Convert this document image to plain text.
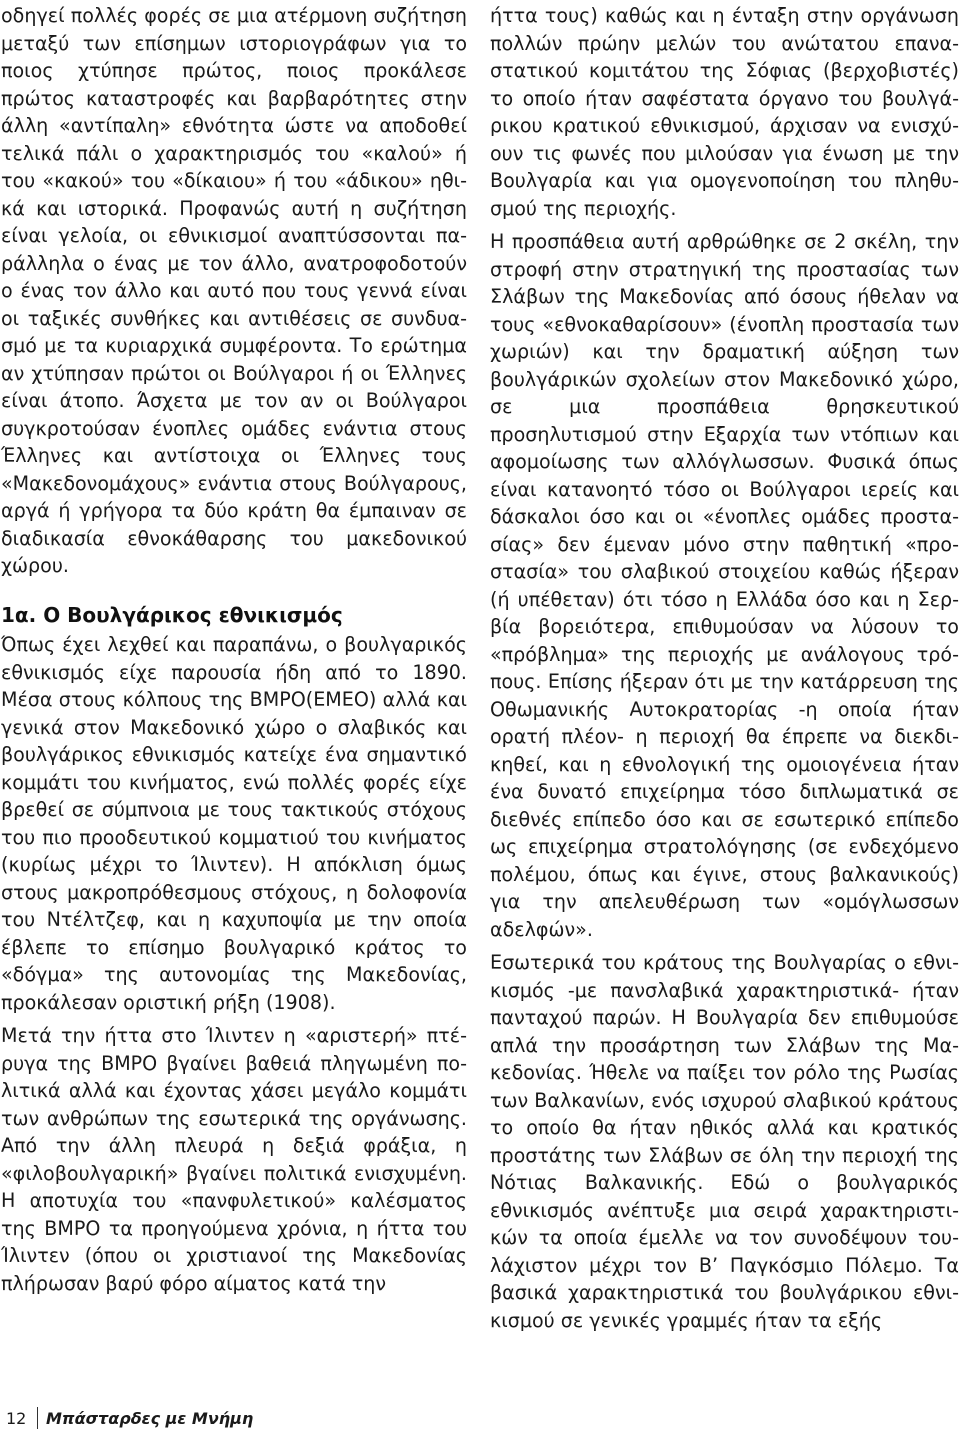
οδηγεί πολλές φορές σε μια ατέρμονη συζήτηση μεταξύ των επίσημων ιστοριογράφων για το ποιος χτύπησε πρώτος, ποιος προκάλεσε πρώτος καταστροφές και βαρβαρότητες στην άλλη «αντίπαλη» εθνότητα ώστε να αποδοθεί τελικά πάλι ο χαρακτηρισμός του «καλού» ή του «κακού» του «δίκαιου» ή του «άδικου» ηθικά και ιστορικά. Προφανώς αυτή η συζήτηση είναι γελοία, οι εθνικισμοί αναπτύσσονται παράλληλα ο ένας με τον άλλο, ανατροφοδοτούν ο ένας τον άλλο και αυτό που τους γεννά είναι οι ταξικές συνθήκες και αντιθέσεις σε συνδυασμό με τα κυριαρχικά συμφέροντα. Το ερώτημα αν χτύπησαν πρώτοι οι Βούλγαροι ή οι Έλληνες είναι άτοπο. Άσχετα με τον αν οι Βούλγαροι συγκροτούσαν ένοπλες ομάδες ενάντια στους Έλληνες και αντίστοιχα οι Έλληνες τους «Μακεδονομάχους» ενάντια στους Βούλγαρους, αργά ή γρήγορα τα δύο κράτη θα έμπαιναν σε διαδικασία εθνοκάθαρσης του μακεδονικού χώρου.

1α. Ο Βουλγάρικος εθνικισμός

Όπως έχει λεχθεί και παραπάνω, ο βουλγαρικός εθνικισμός είχε παρουσία ήδη από το 1890. Μέσα στους κόλπους της ΒΜΡΟ(ΕΜΕΟ) αλλά και γενικά στον Μακεδονικό χώρο ο σλαβικός και βουλγάρικος εθνικισμός κατείχε ένα σημαντικό κομμάτι του κινήματος, ενώ πολλές φορές είχε βρεθεί σε σύμπνοια με τους τακτικούς στόχους του πιο προοδευτικού κομματιού του κινήματος (κυρίως μέχρι το Ίλιντεν). Η απόκλιση όμως στους μακροπρόθεσμους στόχους, η δολοφονία του Ντέλτζεφ, και η καχυποψία με την οποία έβλεπε το επίσημο βουλγαρικό κράτος το «δόγμα» της αυτονομίας της Μακεδονίας, προκάλεσαν οριστική ρήξη (1908).

Μετά την ήττα στο Ίλιντεν η «αριστερή» πτέρυγα της ΒΜΡΟ βγαίνει βαθειά πληγωμένη πολιτικά αλλά και έχοντας χάσει μεγάλο κομμάτι των ανθρώπων της εσωτερικά της οργάνωσης. Από την άλλη πλευρά η δεξιά φράξια, η «φιλοβουλγαρική» βγαίνει πολιτικά ενισχυμένη. Η αποτυχία του «πανφυλετικού» καλέσματος της ΒΜΡΟ τα προηγούμενα χρόνια, η ήττα του Ίλιντεν (όπου οι χριστιανοί της Μακεδονίας πλήρωσαν βαρύ φόρο αίματος κατά την

ήττα τους) καθώς και η ένταξη στην οργάνωση πολλών πρώην μελών του ανώτατου επαναστατικού κομιτάτου της Σόφιας (βερχοβιστές) το οποίο ήταν σαφέστατα όργανο του βουλγάρικου κρατικού εθνικισμού, άρχισαν να ενισχύουν τις φωνές που μιλούσαν για ένωση με την Βουλγαρία και για ομογενοποίηση του πληθυσμού της περιοχής.

Η προσπάθεια αυτή αρθρώθηκε σε 2 σκέλη, την στροφή στην στρατηγική της προστασίας των Σλάβων της Μακεδονίας από όσους ήθελαν να τους «εθνοκαθαρίσουν» (ένοπλη προστασία των χωριών) και την δραματική αύξηση των βουλγάρικών σχολείων στον Μακεδονικό χώρο, σε μια προσπάθεια θρησκευτικού προσηλυτισμού στην Εξαρχία των ντόπιων και αφομοίωσης των αλλόγλωσσων. Φυσικά όπως είναι κατανοητό τόσο οι Βούλγαροι ιερείς και δάσκαλοι όσο και οι «ένοπλες ομάδες προστασίας» δεν έμεναν μόνο στην παθητική «προστασία» του σλαβικού στοιχείου καθώς ήξεραν (ή υπέθεταν) ότι τόσο η Ελλάδα όσο και η Σερβία βορειότερα, επιθυμούσαν να λύσουν το «πρόβλημα» της περιοχής με ανάλογους τρόπους. Επίσης ήξεραν ότι με την κατάρρευση της Οθωμανικής Αυτοκρατορίας -η οποία ήταν ορατή πλέον- η περιοχή θα έπρεπε να διεκδικηθεί, και η εθνολογική της ομοιογένεια ήταν ένα δυνατό επιχείρημα τόσο διπλωματικά σε διεθνές επίπεδο όσο και σε εσωτερικό επίπεδο ως επιχείρημα στρατολόγησης (σε ενδεχόμενο πολέμου, όπως και έγινε, στους βαλκανικούς) για την απελευθέρωση των «ομόγλωσσων αδελφών».

Εσωτερικά του κράτους της Βουλγαρίας ο εθνικισμός -με πανσλαβικά χαρακτηριστικά- ήταν πανταχού παρών. Η Βουλγαρία δεν επιθυμούσε απλά την προσάρτηση των Σλάβων της Μακεδονίας. Ήθελε να παίξει τον ρόλο της Ρωσίας των Βαλκανίων, ενός ισχυρού σλαβικού κράτους το οποίο θα ήταν ηθικός αλλά και κρατικός προστάτης των Σλάβων σε όλη την περιοχή της Νότιας Βαλκανικής. Εδώ ο βουλγαρικός εθνικισμός ανέπτυξε μια σειρά χαρακτηριστικών τα οποία έμελλε να τον συνοδέψουν τουλάχιστον μέχρι τον Β’ Παγκόσμιο Πόλεμο. Τα βασικά χαρακτηριστικά του βουλγάρικου εθνικισμού σε γενικές γραμμές ήταν τα εξής

12 Μπάσταρδες με Μνήμη
